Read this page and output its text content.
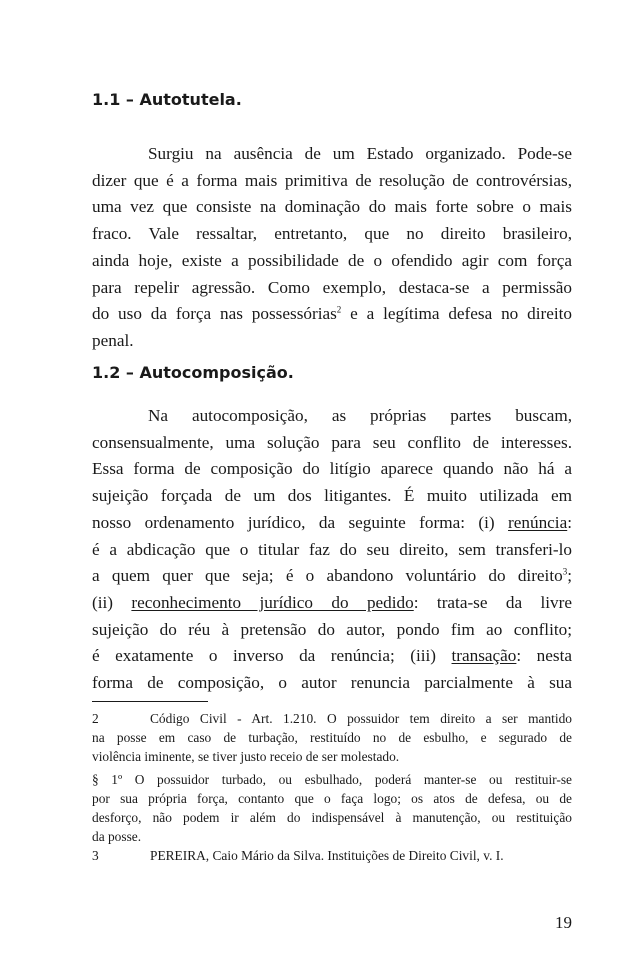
1.1 – Autotutela.

Surgiu na ausência de um Estado organizado. Pode-se
dizer que é a forma mais primitiva de resolução de controvérsias,
uma vez que consiste na dominação do mais forte sobre o mais
fraco. Vale ressaltar, entretanto, que no direito brasileiro,
ainda hoje, existe a possibilidade de o ofendido agir com força
para repelir agressão. Como exemplo, destaca-se a permissão
do uso da força nas possessórias$^2$ e a legítima defesa no direito
penal.

1.2 – Autocomposição.

Na autocomposição, as próprias partes buscam,
consensualmente, uma solução para seu conflito de interesses.
Essa forma de composição do litígio aparece quando não há a
sujeição forçada de um dos litigantes. É muito utilizada em
nosso ordenamento jurídico, da seguinte forma: (i) renúncia:
é a abdicação que o titular faz do seu direito, sem transferi-lo
a quem quer que seja; é o abandono voluntário do direito$^3$;
(ii) reconhecimento jurídico do pedido: trata-se da livre
sujeição do réu à pretensão do autor, pondo fim ao conflito;
é exatamente o inverso da renúncia; (iii) transação: nesta
forma de composição, o autor renuncia parcialmente à sua

2	Código Civil - Art. 1.210. O possuidor tem direito a ser mantido
na posse em caso de turbação, restituído no de esbulho, e segurado de
violência iminente, se tiver justo receio de ser molestado.

§ 1º O possuidor turbado, ou esbulhado, poderá manter-se ou restituir-se
por sua própria força, contanto que o faça logo; os atos de defesa, ou de
desforço, não podem ir além do indispensável à manutenção, ou restituição
da posse.

3	PEREIRA, Caio Mário da Silva. Instituições de Direito Civil, v. I.

19
